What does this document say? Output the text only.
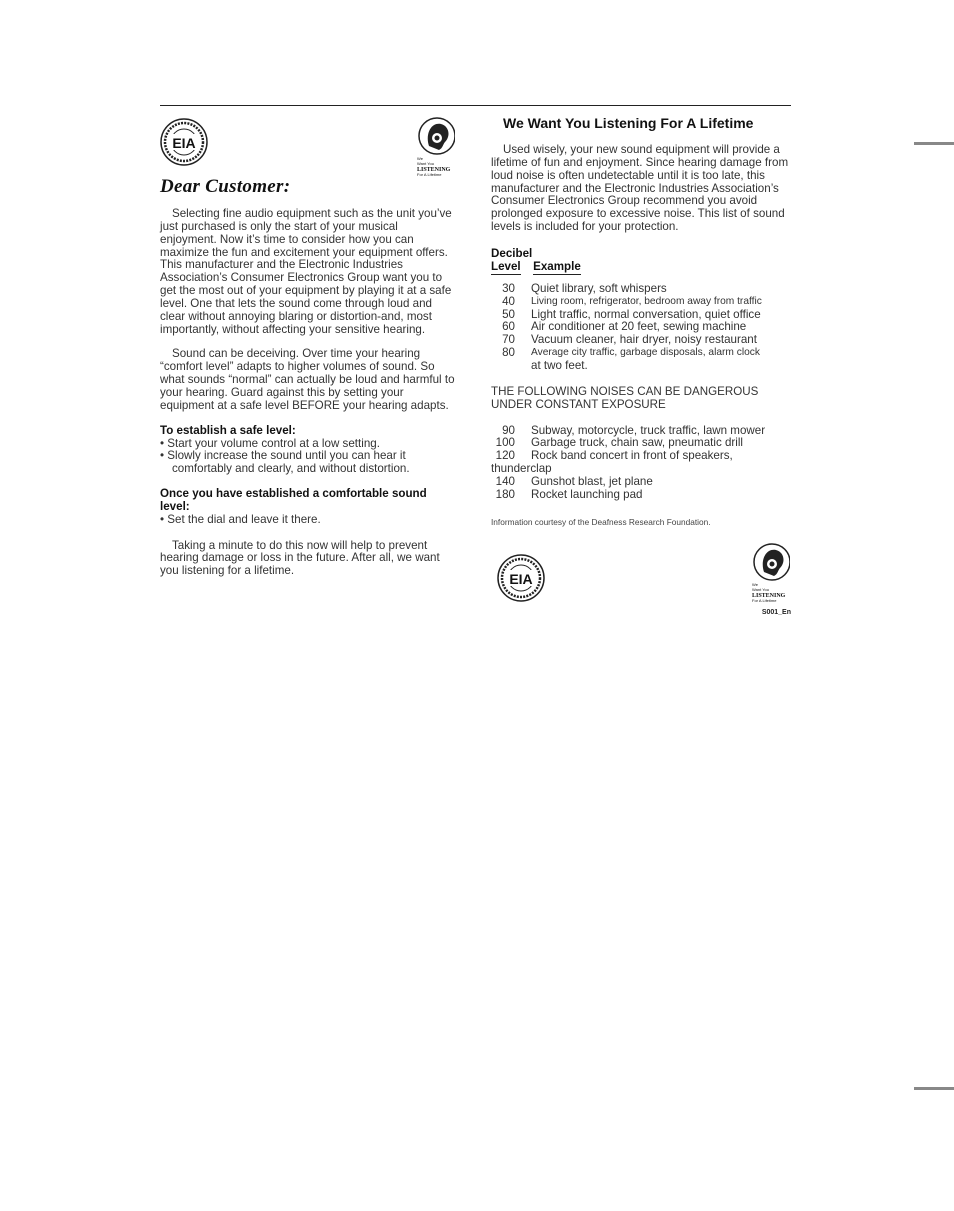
EIA
We
Want You
LISTENING
For A Lifetime
Dear Customer:

Selecting fine audio equipment such as the unit you’ve just purchased is only the start of your musical enjoyment. Now it’s time to consider how you can maximize the fun and excitement your equipment offers. This manufacturer and the Electronic Industries Association’s Consumer Electronics Group want you to get the most out of your equipment by playing it at a safe level. One that lets the sound come through loud and clear without annoying blaring or distortion-and, most importantly, without affecting your sensitive hearing.

Sound can be deceiving. Over time your hearing “comfort level” adapts to higher volumes of sound. So what sounds “normal” can actually be loud and harmful to your hearing. Guard against this by setting your equipment at a safe level BEFORE your hearing adapts.

To establish a safe level:

• Start your volume control at a low setting.

• Slowly increase the sound until you can hear it comfortably and clearly, and without distortion.

Once you have established a comfortable sound level:

• Set the dial and leave it there.

Taking a minute to do this now will help to prevent hearing damage or loss in the future. After all, we want you listening for a lifetime.

We Want You Listening For A Lifetime

Used wisely, your new sound equipment will provide a lifetime of fun and enjoyment. Since hearing damage from loud noise is often undetectable until it is too late, this manufacturer and the Electronic Industries Association’s Consumer Electronics Group recommend you avoid prolonged exposure to excessive noise. This list of sound levels is included for your protection.

Decibel
Level Example
30 Quiet library, soft whispers
40 Living room, refrigerator, bedroom away from traffic
50 Light traffic, normal conversation, quiet office
60 Air conditioner at 20 feet, sewing machine
70 Vacuum cleaner, hair dryer, noisy restaurant
80 Average city traffic, garbage disposals, alarm clock
at two feet.

THE FOLLOWING NOISES CAN BE DANGEROUS UNDER CONSTANT EXPOSURE

90 Subway, motorcycle, truck traffic, lawn mower
100 Garbage truck, chain saw, pneumatic drill
120 Rock band concert in front of speakers,
thunderclap
140 Gunshot blast, jet plane
180 Rocket launching pad
Information courtesy of the Deafness Research Foundation.
EIA	We
Want You
LISTENING
For A Lifetime
S001_En
